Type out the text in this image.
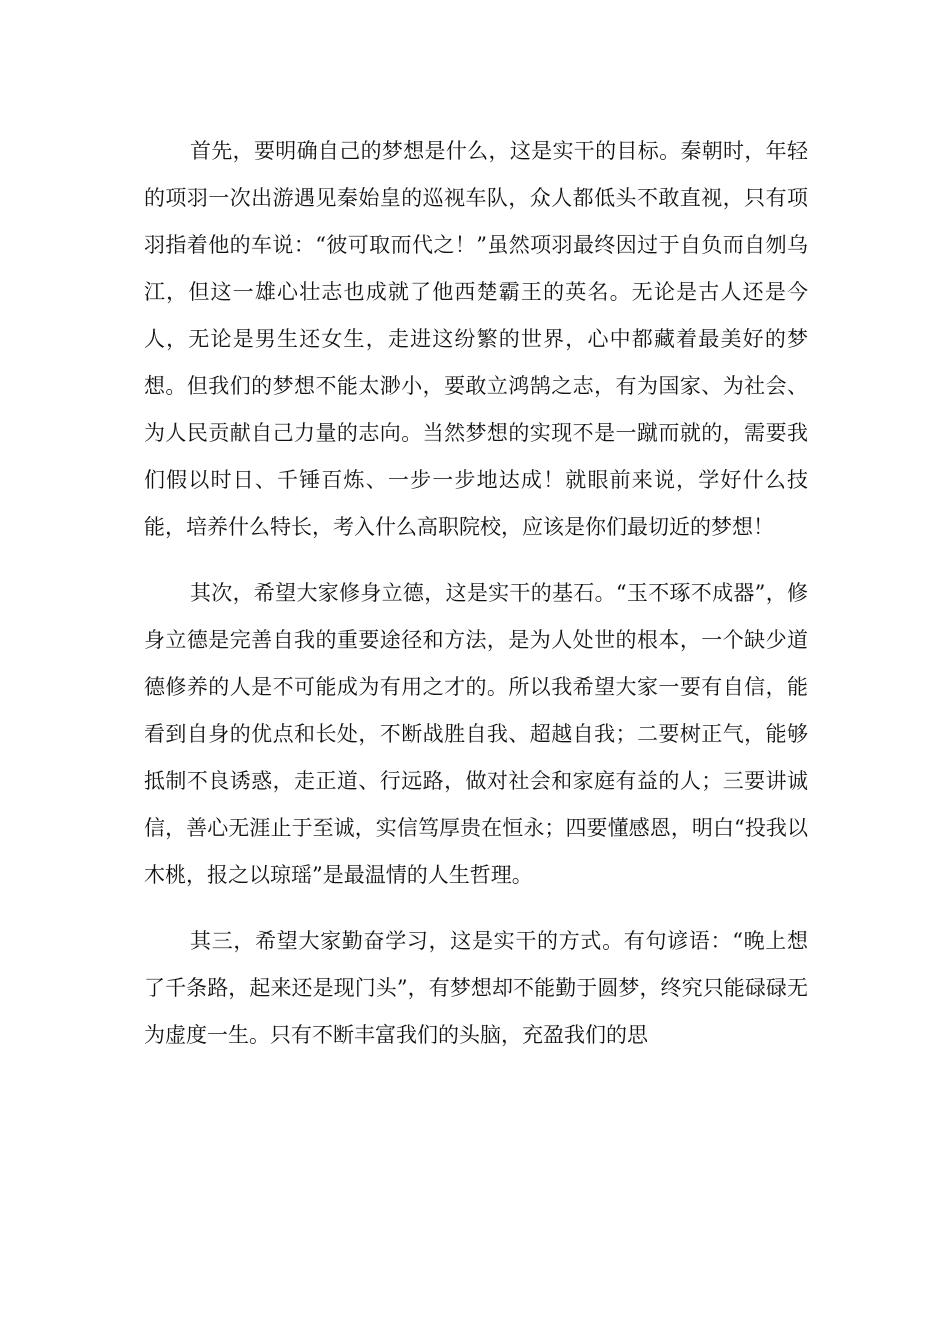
首先，要明确自己的梦想是什么，这是实干的目标。秦朝时，年轻的项羽一次出游遇见秦始皇的巡视车队，众人都低头不敢直视，只有项羽指着他的车说：“彼可取而代之！”虽然项羽最终因过于自负而自刎乌江，但这一雄心壮志也成就了他西楚霸王的英名。无论是古人还是今人，无论是男生还女生，走进这纷繁的世界，心中都藏着最美好的梦想。但我们的梦想不能太渺小，要敢立鸿鹄之志，有为国家、为社会、为人民贡献自己力量的志向。当然梦想的实现不是一蹴而就的，需要我们假以时日、千锤百炼、一步一步地达成！就眼前来说，学好什么技能，培养什么特长，考入什么高职院校，应该是你们最切近的梦想！

其次，希望大家修身立德，这是实干的基石。“玉不琢不成器”，修身立德是完善自我的重要途径和方法，是为人处世的根本，一个缺少道德修养的人是不可能成为有用之才的。所以我希望大家一要有自信，能看到自身的优点和长处，不断战胜自我、超越自我；二要树正气，能够抵制不良诱惑，走正道、行远路，做对社会和家庭有益的人；三要讲诚信，善心无涯止于至诚，实信笃厚贵在恒永；四要懂感恩，明白“投我以木桃，报之以琼瑶”是最温情的人生哲理。

其三，希望大家勤奋学习，这是实干的方式。有句谚语：“晚上想了千条路，起来还是现门头”，有梦想却不能勤于圆梦，终究只能碌碌无为虚度一生。只有不断丰富我们的头脑，充盈我们的思
